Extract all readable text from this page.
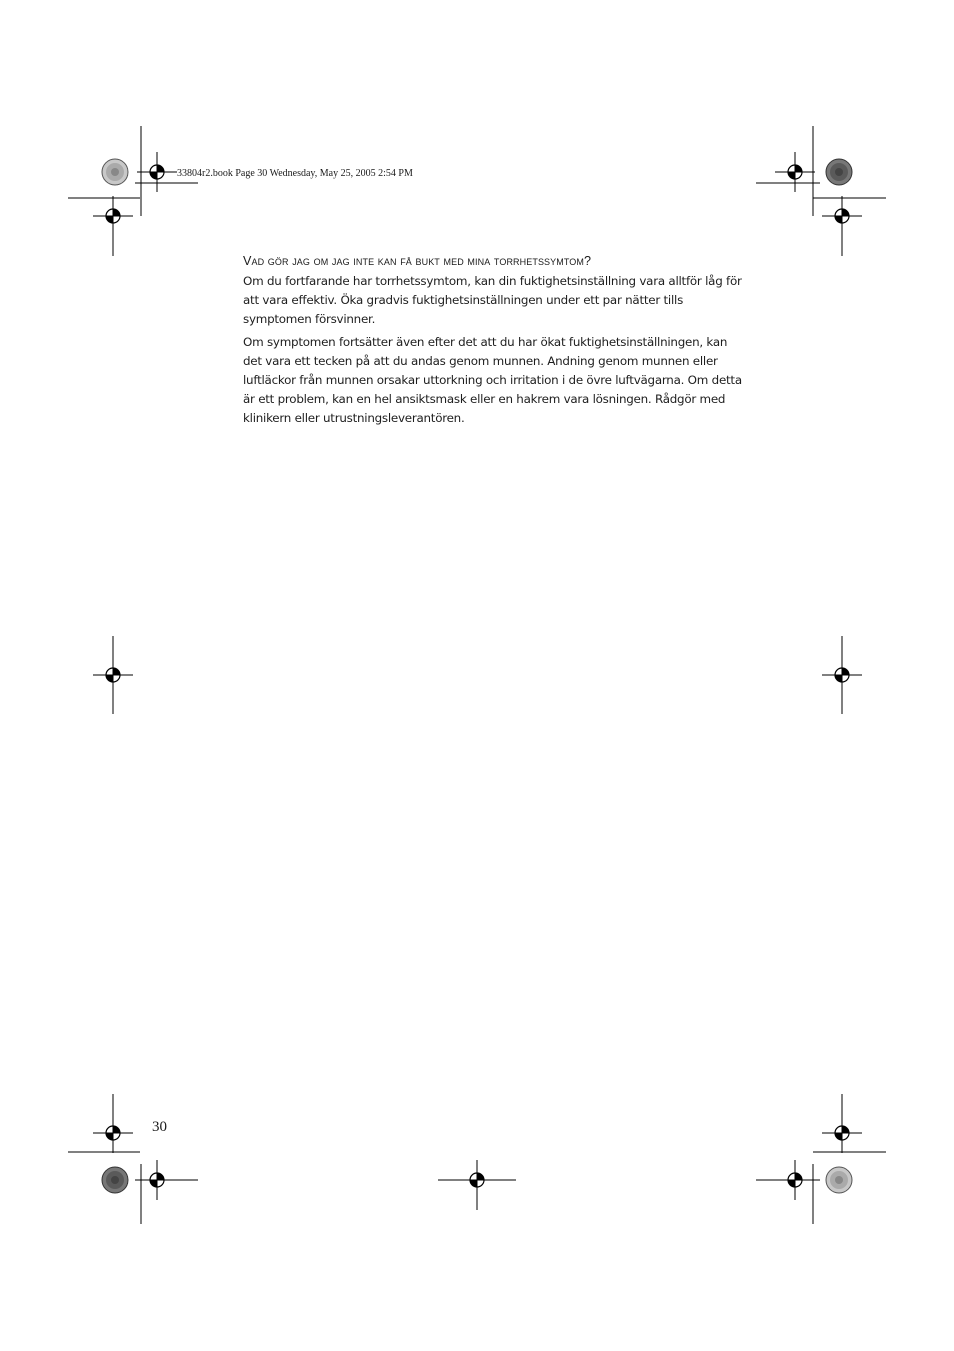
33804r2.book Page 30 Wednesday, May 25, 2005 2:54 PM
Vad gör jag om jag inte kan få bukt med mina torrhetssymtom?
Om du fortfarande har torrhetssymtom, kan din fuktighetsinställning vara alltför låg för
att vara effektiv. Öka gradvis fuktighetsinställningen under ett par nätter tills
symptomen försvinner.
Om symptomen fortsätter även efter det att du har ökat fuktighetsinställningen, kan
det vara ett tecken på att du andas genom munnen. Andning genom munnen eller
luftläckor från munnen orsakar uttorkning och irritation i de övre luftvägarna. Om detta
är ett problem, kan en hel ansiktsmask eller en hakrem vara lösningen. Rådgör med
klinikern eller utrustningsleverantören.
30
